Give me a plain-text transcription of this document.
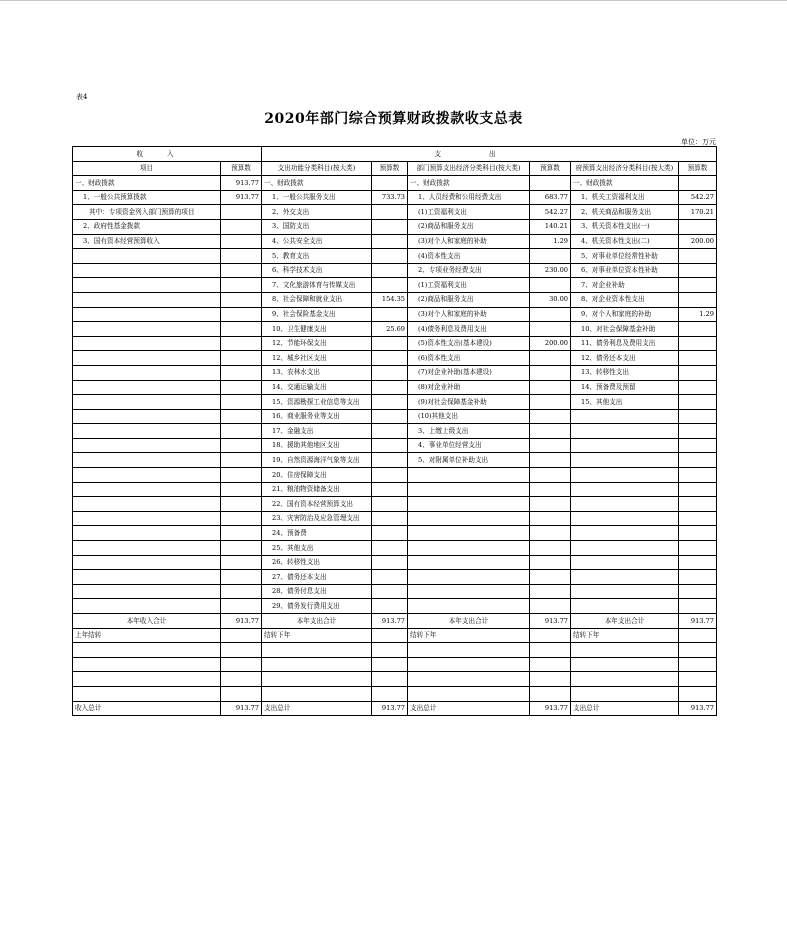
表4
2020年部门综合预算财政拨款收支总表
单位：万元
收入		支出					
项目	预算数	支出功能分类科目(按大类)	预算数	部门预算支出经济分类科目(按大类)	预算数	府预算支出经济分类科目(按大类)	预算数
一、财政拨款	913.77	一、财政拨款		一、财政拨款		一、财政拨款	
1、一般公共预算拨款	913.77	1、一般公共服务支出	733.73	1、人员经费和公用经费支出	683.77	1、机关工资福利支出	542.27
其中：专项资金列入部门预算的项目		2、外交支出		(1)工资福利支出	542.27	2、机关商品和服务支出	170.21
2、政府性基金拨款		3、国防支出		(2)商品和服务支出	140.21	3、机关资本性支出(一)	
3、国有资本经营预算收入		4、公共安全支出		(3)对个人和家庭的补助	1.29	4、机关资本性支出(二)	200.00
		5、教育支出		(4)资本性支出		5、对事业单位经常性补助	
		6、科学技术支出		2、专项业务经费支出	230.00	6、对事业单位资本性补助	
		7、文化旅游体育与传媒支出		(1)工资福利支出		7、对企业补助	
		8、社会保障和就业支出	154.35	(2)商品和服务支出	30.00	8、对企业资本性支出	
		9、社会保险基金支出		(3)对个人和家庭的补助		9、对个人和家庭的补助	1.29
		10、卫生健康支出	25.69	(4)债务利息及费用支出		10、对社会保障基金补助	
		12、节能环保支出		(5)资本性支出(基本建设)	200.00	11、债务利息及费用支出	
		12、城乡社区支出		(6)资本性支出		12、债务还本支出	
		13、农林水支出		(7)对企业补助(基本建设)		13、转移性支出	
		14、交通运输支出		(8)对企业补助		14、预备费及预留	
		15、资源勘探工业信息等支出		(9)对社会保障基金补助		15、其他支出	
		16、商业服务业等支出		(10)其他支出			
		17、金融支出		3、上缴上级支出			
		18、援助其他地区支出		4、事业单位经营支出			
		19、自然资源海洋气象等支出		5、对附属单位补助支出			
		20、住房保障支出					
		21、粮油物资储备支出					
		22、国有资本经营预算支出					
		23、灾害防治及应急管理支出					
		24、预备费					
		25、其他支出					
		26、转移性支出					
		27、债务还本支出					
		28、债务付息支出					
		29、债务发行费用支出					
本年收入合计	913.77	本年支出合计	913.77	本年支出合计	913.77	本年支出合计	913.77
上年结转		结转下年		结转下年		结转下年	

收入总计	913.77	支出总计	913.77	支出总计	913.77	支出总计	913.77
